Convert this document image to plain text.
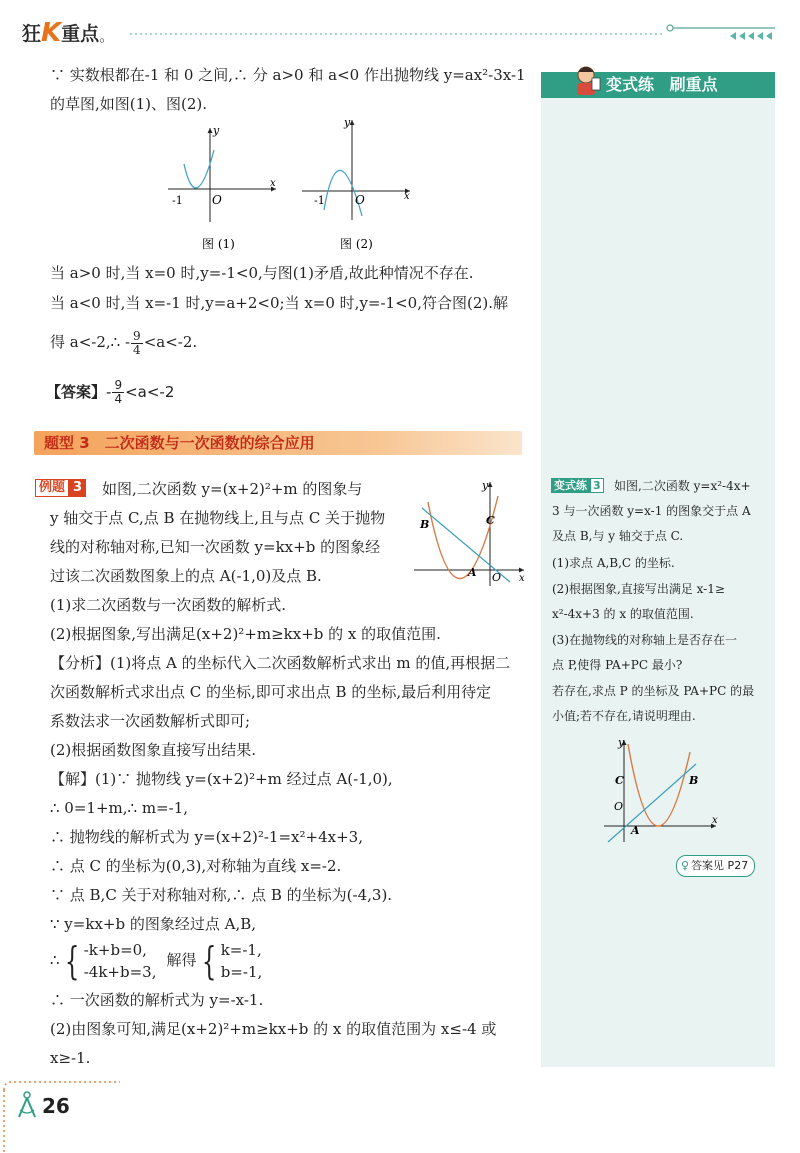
狂 K 重点 。
变式练 刷重点
变式练 3 如图,二次函数 y=x²-4x+
3 与一次函数 y=x-1 的图象交于点 A
及点 B,与 y 轴交于点 C.
(1)求点 A,B,C 的坐标.
(2)根据图象,直接写出满足 x-1≥
x²-4x+3 的 x 的取值范围.
(3)在抛物线的对称轴上是否存在一
点 P,使得 PA+PC 最小?
若存在,求点 P 的坐标及 PA+PC 的最
小值;若不存在,请说明理由.
y
x
O
A
B
C
♀ 答案见 P27
∵ 实数根都在-1 和 0 之间,∴ 分 a>0 和 a<0 作出抛物线 y=ax²-3x-1
的草图,如图(1)、图(2).
y
x
-1 O
图 (1)
y
x
-1	O
图 (2)
当 a>0 时,当 x=0 时,y=-1<0,与图(1)矛盾,故此种情况不存在.
当 a<0 时,当 x=-1 时,y=a+2<0;当 x=0 时,y=-1<0,符合图(2).解
得 a<-2,∴ - $\frac{9}{4} <a<-2$.
【答案】- $\frac{9}{4} <a<-2$
题型 3　二次函数与一次函数的综合应用
例题 3 如图,二次函数 y=(x+2)²+m 的图象与
y 轴交于点 C,点 B 在抛物线上,且与点 C 关于抛物
线的对称轴对称,已知一次函数 y=kx+b 的图象经
过该二次函数图象上的点 A(-1,0)及点 B.
y
x
O
A
B	C
(1)求二次函数与一次函数的解析式.
(2)根据图象,写出满足(x+2)²+m≥kx+b 的 x 的取值范围.
【分析】(1)将点 A 的坐标代入二次函数解析式求出 m 的值,再根据二
次函数解析式求出点 C 的坐标,即可求出点 B 的坐标,最后利用待定
系数法求一次函数解析式即可;
(2)根据函数图象直接写出结果.
【解】(1)∵ 抛物线 y=(x+2)²+m 经过点 A(-1,0),
∴ 0=1+m,∴ m=-1,
∴ 抛物线的解析式为 y=(x+2)²-1=x²+4x+3,
∴ 点 C 的坐标为(0,3),对称轴为直线 x=-2.
∵ 点 B,C 关于对称轴对称,∴ 点 B 的坐标为(-4,3).
∵ y=kx+b 的图象经过点 A,B,
∴ { -k+b=0,
-4k+b=3,
解得 { k=-1,
b=-1,
∴ 一次函数的解析式为 y=-x-1.
(2)由图象可知,满足(x+2)²+m≥kx+b 的 x 的取值范围为 x≤-4 或
x≥-1.
26
